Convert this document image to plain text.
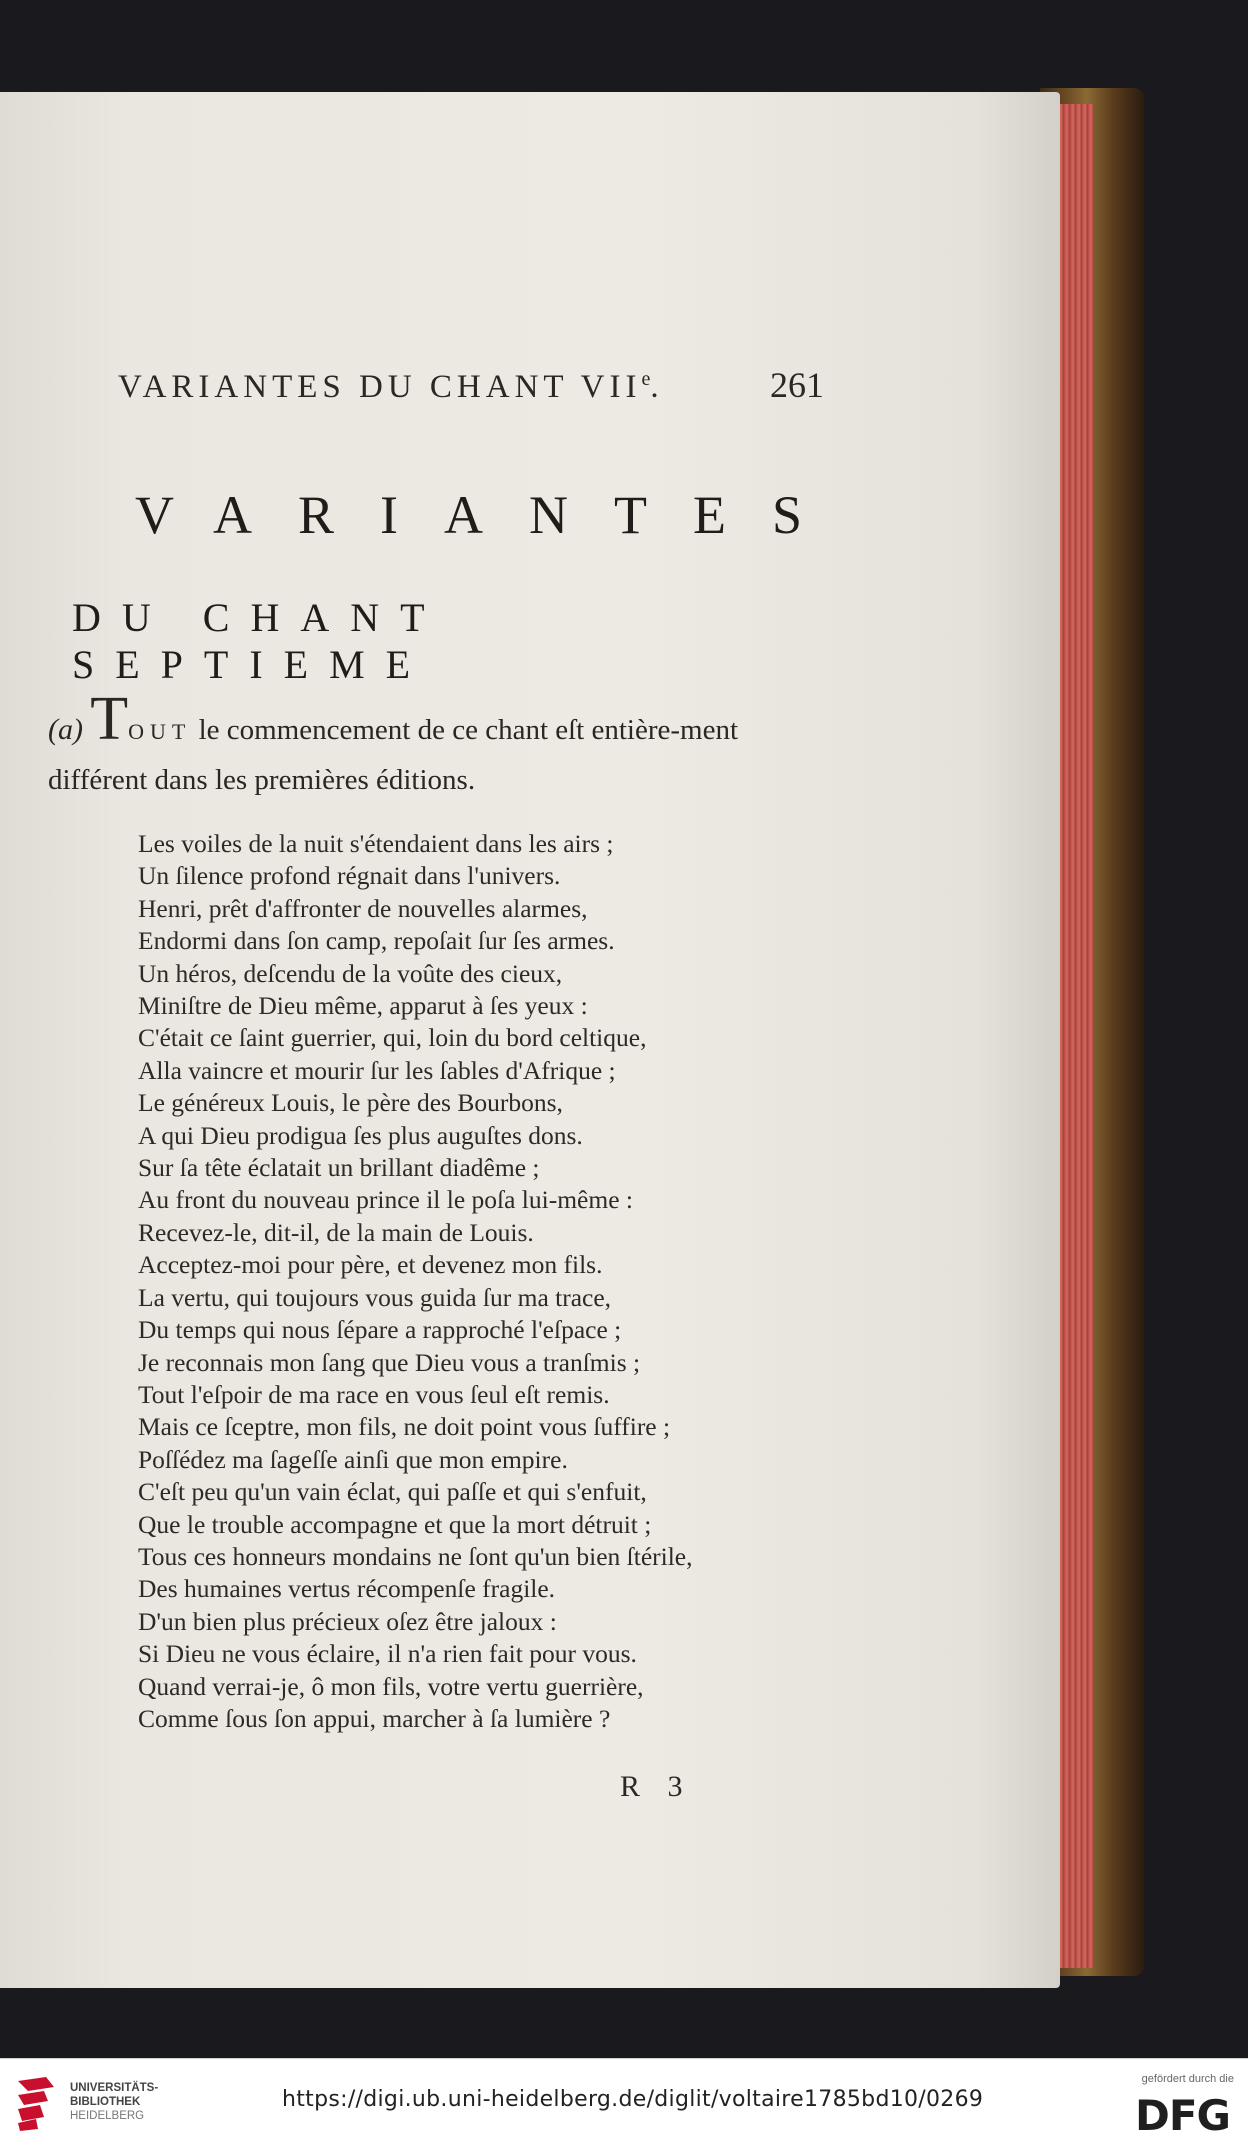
VARIANTES DU CHANT VIIe.	261
VARIANTES
DU CHANT SEPTIEME
(a) TOUT le commencement de ce chant eſt entière-ment différent dans les premières éditions.
Les voiles de la nuit s'étendaient dans les airs ;
Un ſilence profond régnait dans l'univers.
Henri, prêt d'affronter de nouvelles alarmes,
Endormi dans ſon camp, repoſait ſur ſes armes.
Un héros, deſcendu de la voûte des cieux,
Miniſtre de Dieu même, apparut à ſes yeux :
C'était ce ſaint guerrier, qui, loin du bord celtique,
Alla vaincre et mourir ſur les ſables d'Afrique ;
Le généreux Louis, le père des Bourbons,
A qui Dieu prodigua ſes plus auguſtes dons.
Sur ſa tête éclatait un brillant diadême ;
Au front du nouveau prince il le poſa lui-même :
Recevez-le, dit-il, de la main de Louis.
Acceptez-moi pour père, et devenez mon fils.
La vertu, qui toujours vous guida ſur ma trace,
Du temps qui nous ſépare a rapproché l'eſpace ;
Je reconnais mon ſang que Dieu vous a tranſmis ;
Tout l'eſpoir de ma race en vous ſeul eſt remis.
Mais ce ſceptre, mon fils, ne doit point vous ſuffire ;
Poſſédez ma ſageſſe ainſi que mon empire.
C'eſt peu qu'un vain éclat, qui paſſe et qui s'enfuit,
Que le trouble accompagne et que la mort détruit ;
Tous ces honneurs mondains ne ſont qu'un bien ſtérile,
Des humaines vertus récompenſe fragile.
D'un bien plus précieux oſez être jaloux :
Si Dieu ne vous éclaire, il n'a rien fait pour vous.
Quand verrai-je, ô mon fils, votre vertu guerrière,
Comme ſous ſon appui, marcher à ſa lumière ?
R 3
UNIVERSITÄTS-
BIBLIOTHEK
HEIDELBERG
https://digi.ub.uni-heidelberg.de/diglit/voltaire1785bd10/0269
gefördert durch die
DFG
